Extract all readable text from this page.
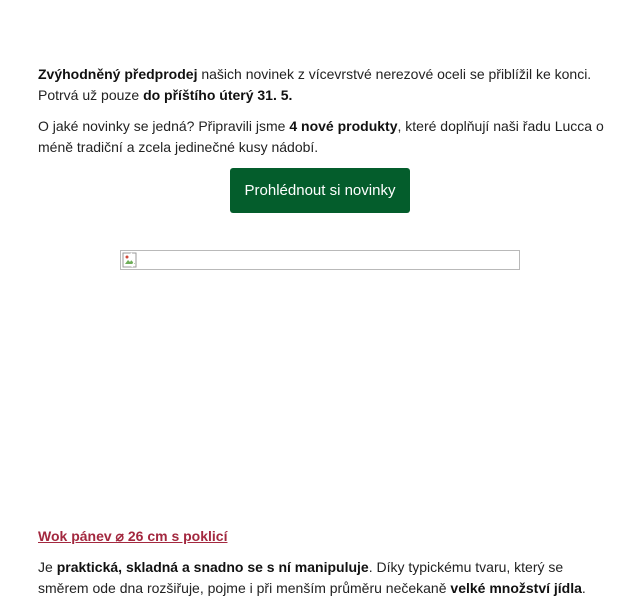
Zvýhodněný předprodej našich novinek z vícevrstvé nerezové oceli se přiblížil ke konci. Potrvá už pouze do příštího úterý 31. 5.

O jaké novinky se jedná? Připravili jsme 4 nové produkty, které doplňují naši řadu Lucca o méně tradiční a zcela jedinečné kusy nádobí.

Prohlédnout si novinky
Wok pánev ⌀ 26 cm s poklicí

Je praktická, skladná a snadno se s ní manipuluje. Díky typickému tvaru, který se směrem ode dna rozšiřuje, pojme i při menším průměru nečekaně velké množství jídla.
